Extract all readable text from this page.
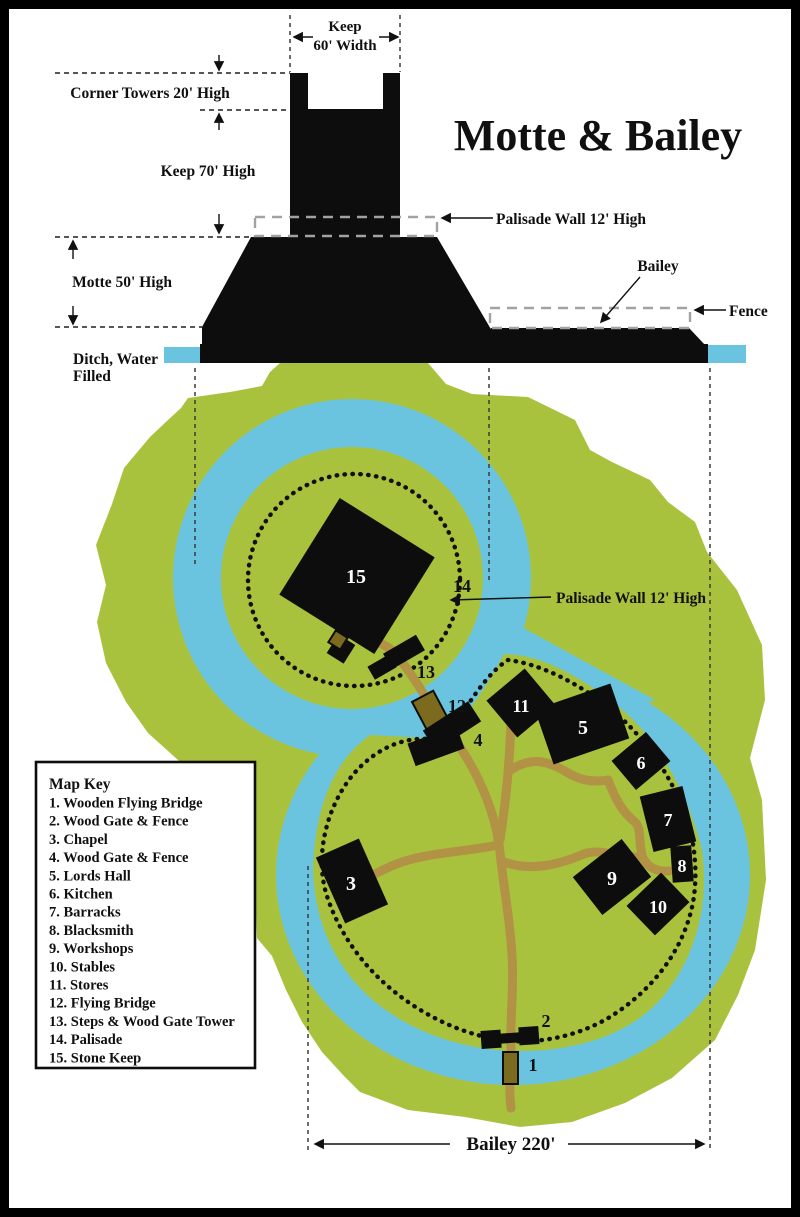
15	14
13
12
4
11
5
6
7
8
9
10
3
2
1
Palisade Wall 12' High
Bailey 220'
Keep
60' Width
Corner Towers 20' High
Keep 70' High
Palisade Wall 12' High
Motte 50' High
Ditch, Water
Filled
Bailey
Fence
Motte & Bailey
Map Key
1. Wooden Flying Bridge
2. Wood Gate & Fence
3. Chapel
4. Wood Gate & Fence
5. Lords Hall
6. Kitchen
7. Barracks
8. Blacksmith
9. Workshops
10. Stables
11. Stores
12. Flying Bridge
13. Steps & Wood Gate Tower
14. Palisade
15. Stone Keep
